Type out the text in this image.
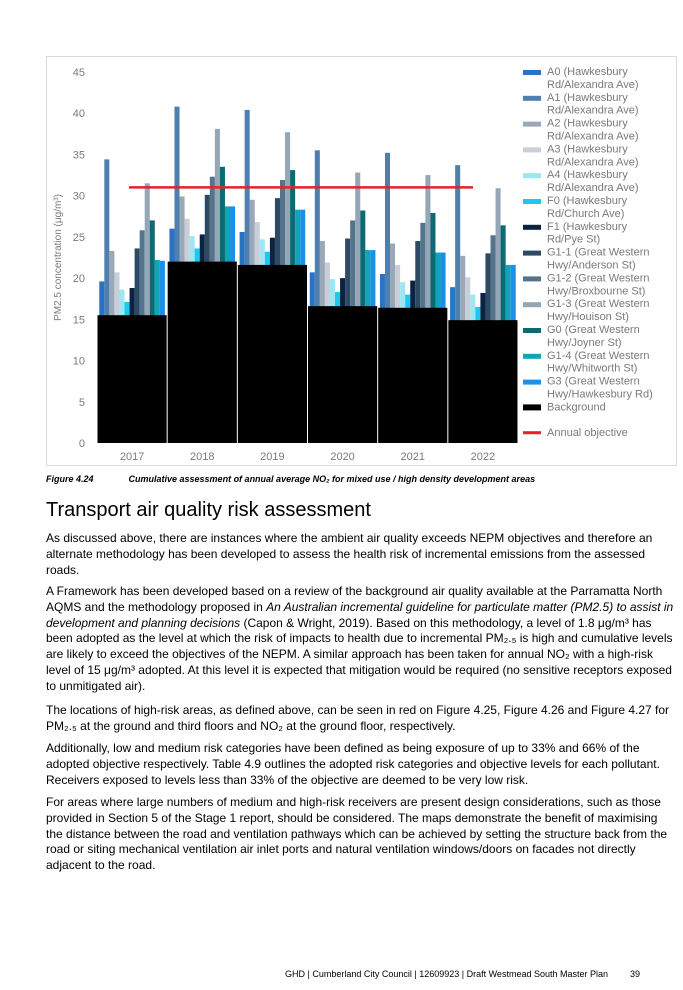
0
5
10
15
20
25
30
35
40
45
PM2.5 concentration (μg/m³)
2017	2018	2019	2020	2021	2022
A0 (Hawkesbury
Rd/Alexandra Ave)
A1 (Hawkesbury
Rd/Alexandra Ave)
A2 (Hawkesbury
Rd/Alexandra Ave)
A3 (Hawkesbury
Rd/Alexandra Ave)
A4 (Hawkesbury
Rd/Alexandra Ave)
F0 (Hawkesbury
Rd/Church Ave)
F1 (Hawkesbury
Rd/Pye St)
G1-1 (Great Western
Hwy/Anderson St)
G1-2 (Great Western
Hwy/Broxbourne St)
G1-3 (Great Western
Hwy/Houison St)
G0 (Great Western
Hwy/Joyner St)
G1-4 (Great Western
Hwy/Whitworth St)
G3 (Great Western
Hwy/Hawkesbury Rd)
Background
Annual objective
Figure 4.24	Cumulative assessment of annual average NO₂ for mixed use / high density development areas
Transport air quality risk assessment

As discussed above, there are instances where the ambient air quality exceeds NEPM objectives and therefore an alternate methodology has been developed to assess the health risk of incremental emissions from the assessed roads.

A Framework has been developed based on a review of the background air quality available at the Parramatta North AQMS and the methodology proposed in An Australian incremental guideline for particulate matter (PM2.5) to assist in development and planning decisions (Capon & Wright, 2019). Based on this methodology, a level of 1.8 μg/m³ has been adopted as the level at which the risk of impacts to health due to incremental PM₂.₅ is high and cumulative levels are likely to exceed the objectives of the NEPM. A similar approach has been taken for annual NO₂ with a high-risk level of 15 μg/m³ adopted. At this level it is expected that mitigation would be required (no sensitive receptors exposed to unmitigated air).

The locations of high-risk areas, as defined above, can be seen in red on Figure 4.25, Figure 4.26 and Figure 4.27 for PM₂.₅ at the ground and third floors and NO₂ at the ground floor, respectively.

Additionally, low and medium risk categories have been defined as being exposure of up to 33% and 66% of the adopted objective respectively. Table 4.9 outlines the adopted risk categories and objective levels for each pollutant. Receivers exposed to levels less than 33% of the objective are deemed to be very low risk.

For areas where large numbers of medium and high-risk receivers are present design considerations, such as those provided in Section 5 of the Stage 1 report, should be considered. The maps demonstrate the benefit of maximising the distance between the road and ventilation pathways which can be achieved by setting the structure back from the road or siting mechanical ventilation air inlet ports and natural ventilation windows/doors on facades not directly adjacent to the road.

GHD | Cumberland City Council | 12609923 | Draft Westmead South Master Plan 39
